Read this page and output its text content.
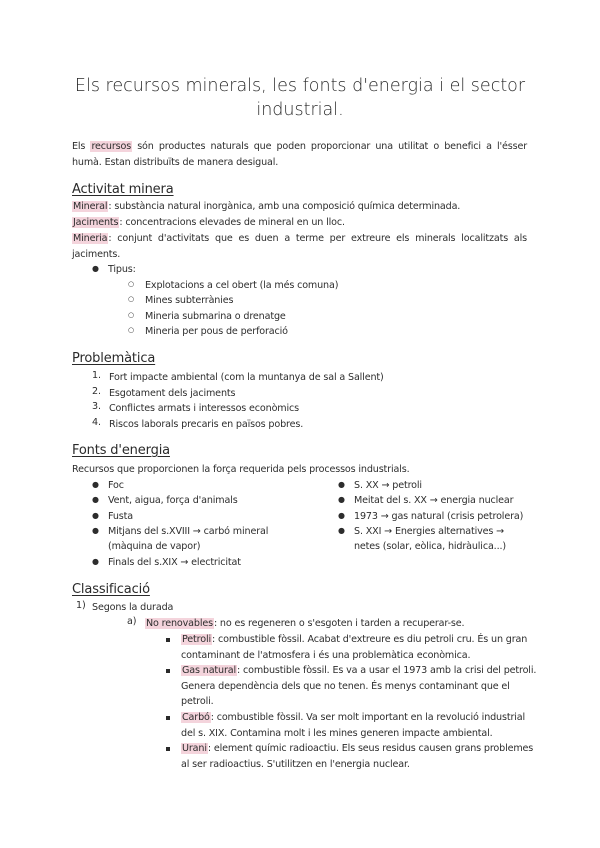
Els recursos minerals, les fonts d'energia i el sector industrial.
Els recursos són productes naturals que poden proporcionar una utilitat o benefici a l'ésser humà. Estan distribuïts de manera desigual.
Activitat minera
Mineral: substància natural inorgànica, amb una composició química determinada.
Jaciments: concentracions elevades de mineral en un lloc.
Mineria: conjunt d'activitats que es duen a terme per extreure els minerals localitzats als jaciments.
● Tipus:
○ Explotacions a cel obert (la més comuna)
○ Mines subterrànies
○ Mineria submarina o drenatge
○ Mineria per pous de perforació
Problemàtica
1. Fort impacte ambiental (com la muntanya de sal a Sallent)
2. Esgotament dels jaciments
3. Conflictes armats i interessos econòmics
4. Riscos laborals precaris en països pobres.
Fonts d'energia
Recursos que proporcionen la força requerida pels processos industrials.
● Foc
● Vent, aigua, força d'animals
● Fusta
● Mitjans del s.XVIII → carbó mineral
(màquina de vapor)
● Finals del s.XIX → electricitat
● S. XX → petroli
● Meitat del s. XX → energia nuclear
● 1973 → gas natural (crisis petrolera)
● S. XXI → Energies alternatives →
netes (solar, eòlica, hidràulica...)
Classificació
1) Segons la durada
a) No renovables: no es regeneren o s'esgoten i tarden a recuperar-se.
Petroli: combustible fòssil. Acabat d'extreure es diu petroli cru. És un gran
contaminant de l'atmosfera i és una problemàtica econòmica.
Gas natural: combustible fòssil. Es va a usar el 1973 amb la crisi del petroli.
Genera dependència dels que no tenen. És menys contaminant que el
petroli.
Carbó: combustible fòssil. Va ser molt important en la revolució industrial
del s. XIX. Contamina molt i les mines generen impacte ambiental.
Urani: element químic radioactiu. Els seus residus causen grans problemes
al ser radioactius. S'utilitzen en l'energia nuclear.
